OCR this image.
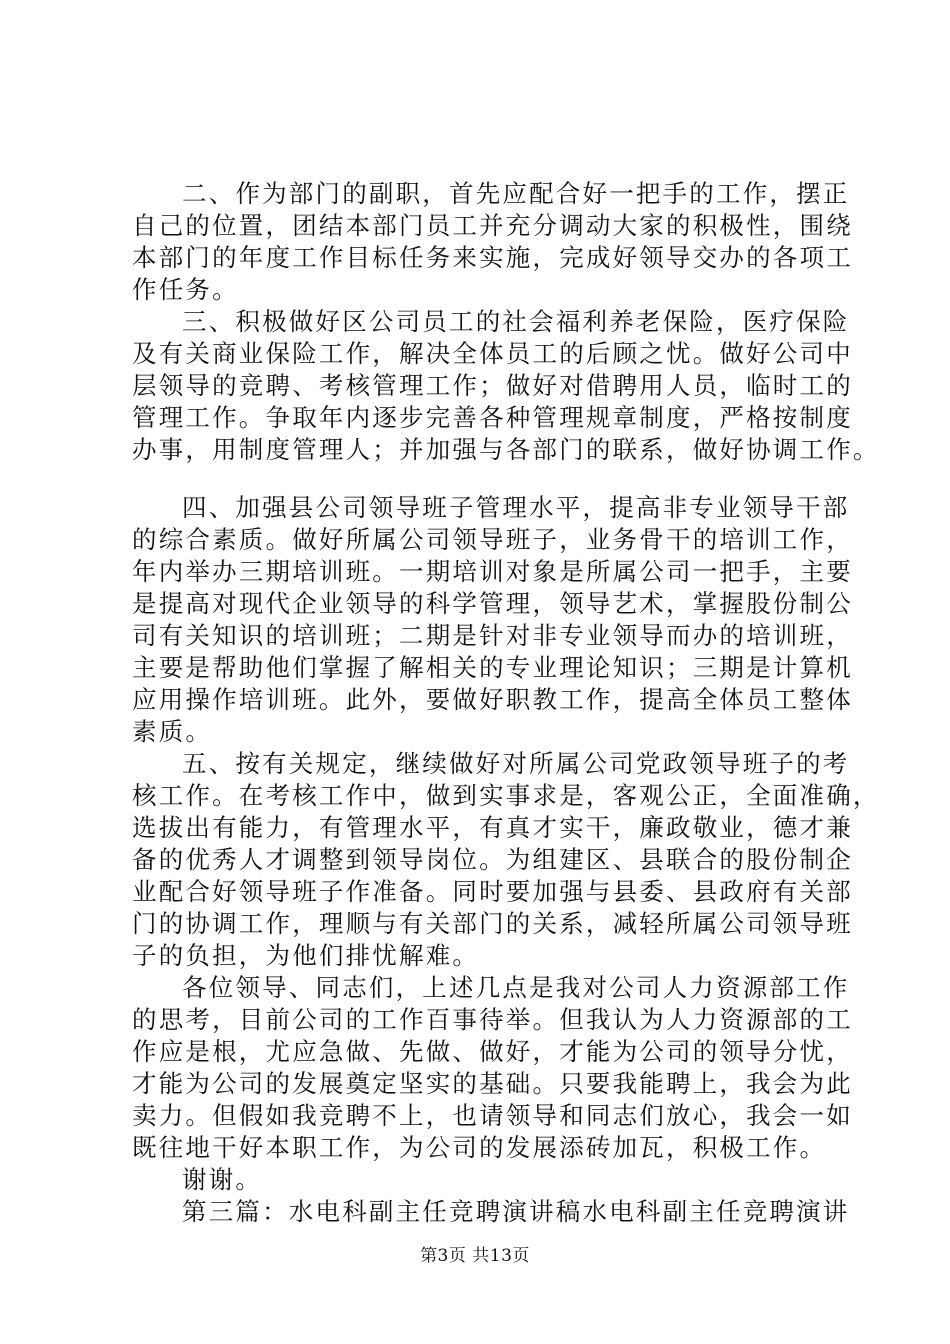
二、作为部门的副职，首先应配合好一把手的工作，摆正
自己的位置，团结本部门员工并充分调动大家的积极性，围绕
本部门的年度工作目标任务来实施，完成好领导交办的各项工
作任务。
三、积极做好区公司员工的社会福利养老保险，医疗保险
及有关商业保险工作，解决全体员工的后顾之忧。做好公司中
层领导的竞聘、考核管理工作；做好对借聘用人员，临时工的
管理工作。争取年内逐步完善各种管理规章制度，严格按制度
办事，用制度管理人；并加强与各部门的联系，做好协调工作。
四、加强县公司领导班子管理水平，提高非专业领导干部
的综合素质。做好所属公司领导班子，业务骨干的培训工作，
年内举办三期培训班。一期培训对象是所属公司一把手，主要
是提高对现代企业领导的科学管理，领导艺术，掌握股份制公
司有关知识的培训班；二期是针对非专业领导而办的培训班，
主要是帮助他们掌握了解相关的专业理论知识；三期是计算机
应用操作培训班。此外，要做好职教工作，提高全体员工整体
素质。
五、按有关规定，继续做好对所属公司党政领导班子的考
核工作。在考核工作中，做到实事求是，客观公正，全面准确，
选拔出有能力，有管理水平，有真才实干，廉政敬业，德才兼
备的优秀人才调整到领导岗位。为组建区、县联合的股份制企
业配合好领导班子作准备。同时要加强与县委、县政府有关部
门的协调工作，理顺与有关部门的关系，减轻所属公司领导班
子的负担，为他们排忧解难。
各位领导、同志们，上述几点是我对公司人力资源部工作
的思考，目前公司的工作百事待举。但我认为人力资源部的工
作应是根，尤应急做、先做、做好，才能为公司的领导分忧，
才能为公司的发展奠定坚实的基础。只要我能聘上，我会为此
卖力。但假如我竞聘不上，也请领导和同志们放心，我会一如
既往地干好本职工作，为公司的发展添砖加瓦，积极工作。
谢谢。
第三篇：水电科副主任竞聘演讲稿水电科副主任竞聘演讲
第3页 共13页
